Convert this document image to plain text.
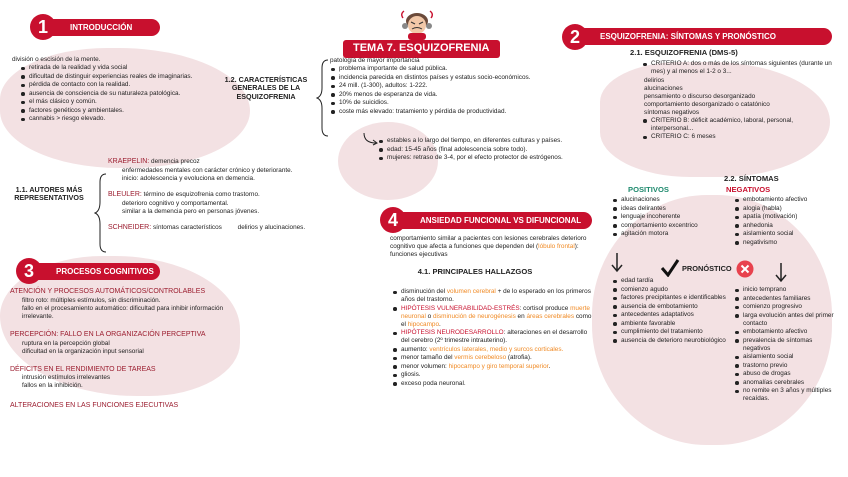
TEMA 7. ESQUIZOFRENIA
INTRODUCCIÓN
1
división o escisión de la mente.
retirada de la realidad y vida social
dificultad de distinguir experiencias reales de imaginarias.
pérdida de contacto con la realidad.
ausencia de consciencia de su naturaleza patológica.
el más clásico y común.
factores genéticos y ambientales.
cannabis > riesgo elevado.
1.2. CARACTERÍSTICAS GENERALES DE LA ESQUIZOFRENIA
patología de mayor importancia
problema importante de salud pública.
incidencia parecida en distintos países y estatus socio-económicos.
24 mill. (1-300), adultos: 1-222.
20% menos de esperanza de vida.
10% de suicidios.
coste más elevado: tratamiento y pérdida de productividad.
estables a lo largo del tiempo, en diferentes culturas y países.
edad: 15-45 años (final adolescencia sobre todo).
mujeres: retraso de 3-4, por el efecto protector de estrógenos.
1.1. AUTORES MÁS REPRESENTATIVOS
KRAEPELIN: demencia precoz
enfermedades mentales con carácter crónico y deteriorante.
inicio: adolescencia y evoluciona en demencia.
BLEULER: término de esquizofrenia como trastorno.
deterioro cognitivo y comportamental.
similar a la demencia pero en personas jóvenes.
SCHNEIDER: síntomas característicos delirios y alucinaciones.
PROCESOS COGNITIVOS
3
ATENCIÓN Y PROCESOS AUTOMÁTICOS/CONTROLABLES
filtro roto: múltiples estímulos, sin discriminación.
fallo en el procesamiento automático: dificultad para inhibir información irrelevante.
PERCEPCIÓN: FALLO EN LA ORGANIZACIÓN PERCEPTIVA
ruptura en la percepción global
dificultad en la organización input sensorial
DÉFICITS EN EL RENDIMIENTO DE TAREAS
intrusión estímulos irrelevantes
fallos en la inhibición.
ALTERACIONES EN LAS FUNCIONES EJECUTIVAS
ANSIEDAD FUNCIONAL VS DIFUNCIONAL
4
comportamiento similar a pacientes con lesiones cerebrales deterioro cognitivo que afecta a funciones que dependen del (lóbulo frontal): funciones ejecutivas
4.1. PRINCIPALES HALLAZGOS
disminución del volumen cerebral + de lo esperado en los primeros años del trastorno.
HIPÓTESIS VULNERABILIDAD-ESTRÉS: cortisol produce muerte neuronal o disminución de neurogénesis en áreas cerebrales como el hipocampo.
HIPÓTESIS NEURODESARROLLO: alteraciones en el desarrollo del cerebro (2º trimestre intrauterino).
aumento: ventrículos laterales, medio y surcos corticales.
menor tamaño del vermis cerebeloso (atrofia).
menor volumen: hipocampo y giro temporal superior.
gliosis.
exceso poda neuronal.
ESQUIZOFRENIA: SÍNTOMAS Y PRONÓSTICO
2
2.1. ESQUIZOFRENIA (DMS-5)
CRITERIO A: dos o más de los síntomas siguientes (durante un mes) y al menos el 1-2 o 3...
delirios
alucinaciones
pensamiento o discurso desorganizado
comportamiento desorganizado o catatónico
síntomas negativos
CRITERIO B: déficit académico, laboral, personal, interpersonal...
CRITERIO C: 6 meses
2.2. SÍNTOMAS
POSITIVOS	NEGATIVOS
alucinaciones
ideas delirantes
lenguaje incoherente
comportamiento excentrico
agitación motora
embotamiento afectivo
alogia (habla)
apatía (motivación)
anhedonia
aislamiento social
negativismo
PRONÓSTICO
edad tardía
comienzo agudo
factores precipitantes e identificables
ausencia de embotamiento
antecedentes adaptativos
ambiente favorable
cumplimiento del tratamiento
ausencia de deterioro neurobiológico
inicio temprano
antecedentes familiares
comienzo progresivo
larga evolución antes del primer contacto
embotamiento afectivo
prevalencia de síntomas negativos
aislamiento social
trastorno previo
abuso de drogas
anomalías cerebrales
no remite en 3 años y múltiples recaídas.
